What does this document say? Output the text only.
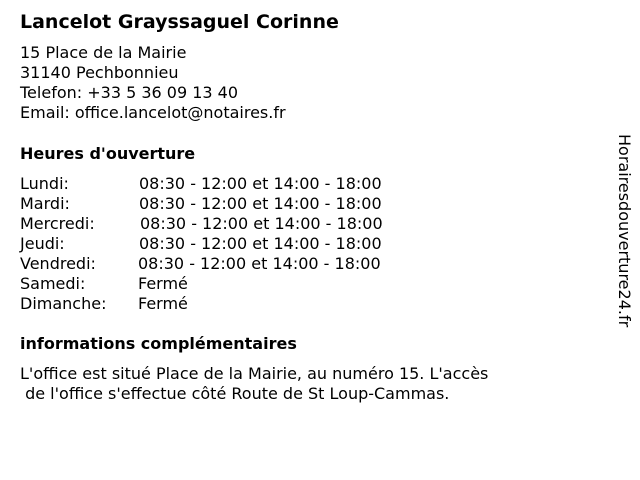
Lancelot Grayssaguel Corinne
15 Place de la Mairie
31140 Pechbonnieu
Telefon: +33 5 36 09 13 40
Email: office.lancelot@notaires.fr
Heures d'ouverture
Lundi:	08:30 - 12:00 et 14:00 - 18:00
Mardi:	08:30 - 12:00 et 14:00 - 18:00
Mercredi:	08:30 - 12:00 et 14:00 - 18:00
Jeudi:	08:30 - 12:00 et 14:00 - 18:00
Vendredi:	08:30 - 12:00 et 14:00 - 18:00
Samedi:	Fermé
Dimanche: Fermé
informations complémentaires
L'office est situé Place de la Mairie, au numéro 15. L'accès
de l'office s'effectue côté Route de St Loup-Cammas.
Horairesdouverture24.fr
